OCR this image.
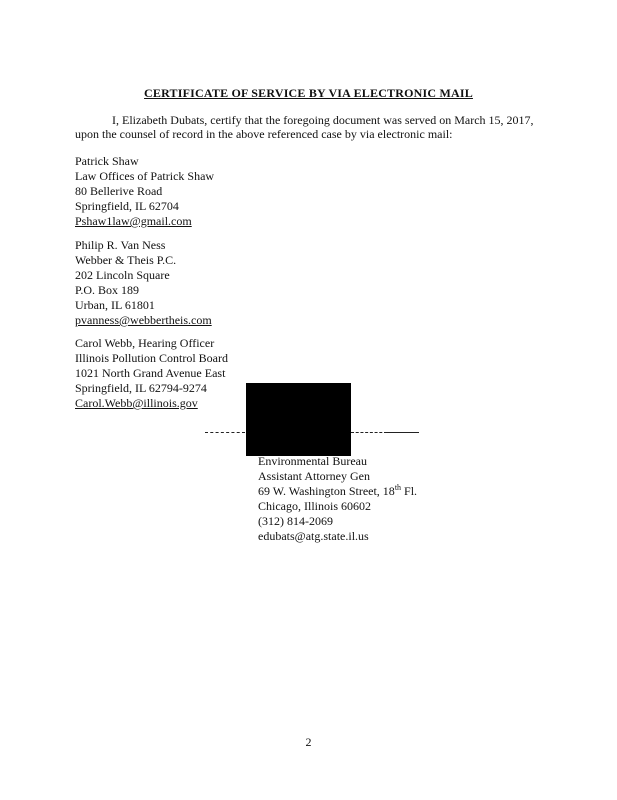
CERTIFICATE OF SERVICE BY VIA ELECTRONIC MAIL
I, Elizabeth Dubats, certify that the foregoing document was served on March 15, 2017,
upon the counsel of record in the above referenced case by via electronic mail:
Patrick Shaw
Law Offices of Patrick Shaw
80 Bellerive Road
Springfield, IL 62704
Pshaw1law@gmail.com
Philip R. Van Ness
Webber & Theis P.C.
202 Lincoln Square
P.O. Box 189
Urban, IL 61801
pvanness@webbertheis.com
Carol Webb, Hearing Officer
Illinois Pollution Control Board
1021 North Grand Avenue East
Springfield, IL 62794-9274
Carol.Webb@illinois.gov
Environmental Bureau
Assistant Attorney Gen
69 W. Washington Street, 18th Fl.
Chicago, Illinois 60602
(312) 814-2069
edubats@atg.state.il.us
2
